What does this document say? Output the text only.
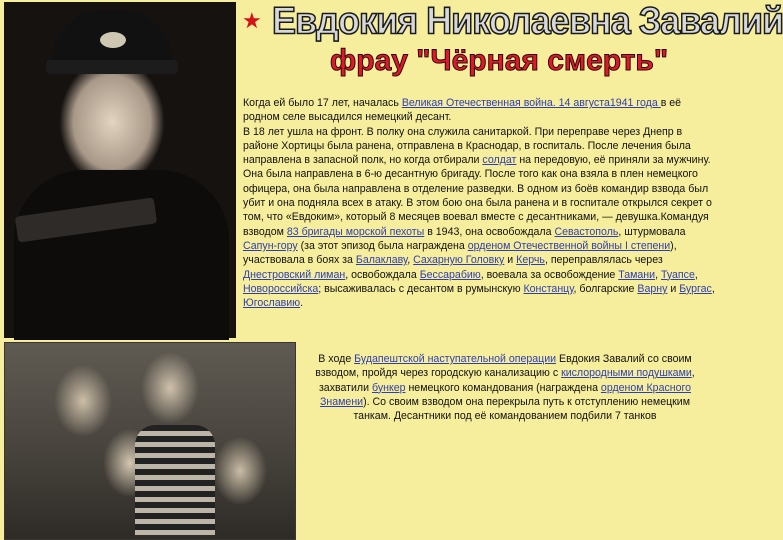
★ Евдокия Николаевна Завалий
фрау "Чёрная смерть"

Когда ей было 17 лет, началась Великая Отечественная война. 14 августа1941 года в её родном селе высадился немецкий десант.

В 18 лет ушла на фронт. В полку она служила санитаркой. При переправе через Днепр в районе Хортицы была ранена, отправлена в Краснодар, в госпиталь. После лечения была направлена в запасной полк, но когда отбирали солдат на передовую, её приняли за мужчину. Она была направлена в 6-ю десантную бригаду. После того как она взяла в плен немецкого офицера, она была направлена в отделение разведки. В одном из боёв командир взвода был убит и она подняла всех в атаку. В этом бою она была ранена и в госпитале открылся секрет о том, что «Евдоким», который 8 месяцев воевал вместе с десантниками, — девушка.Командуя взводом 83 бригады морской пехоты в 1943, она освобождала Севастополь, штурмовала Сапун-гору (за этот эпизод была награждена орденом Отечественной войны I степени), участвовала в боях за Балаклаву, Сахарную Головку и Керчь, переправлялась через Днестровский лиман, освобождала Бессарабию, воевала за освобождение Тамани, Туапсе, Новороссийска; высаживалась с десантом в румынскую Констанцу, болгарские Варну и Бургас, Югославию.

В ходе Будапештской наступательной операции Евдокия Завалий со своим взводом, пройдя через городскую канализацию с кислородными подушками, захватили бункер немецкого командования (награждена орденом Красного Знамени). Со своим взводом она перекрыла путь к отступлению немецким танкам. Десантники под её командованием подбили 7 танков
